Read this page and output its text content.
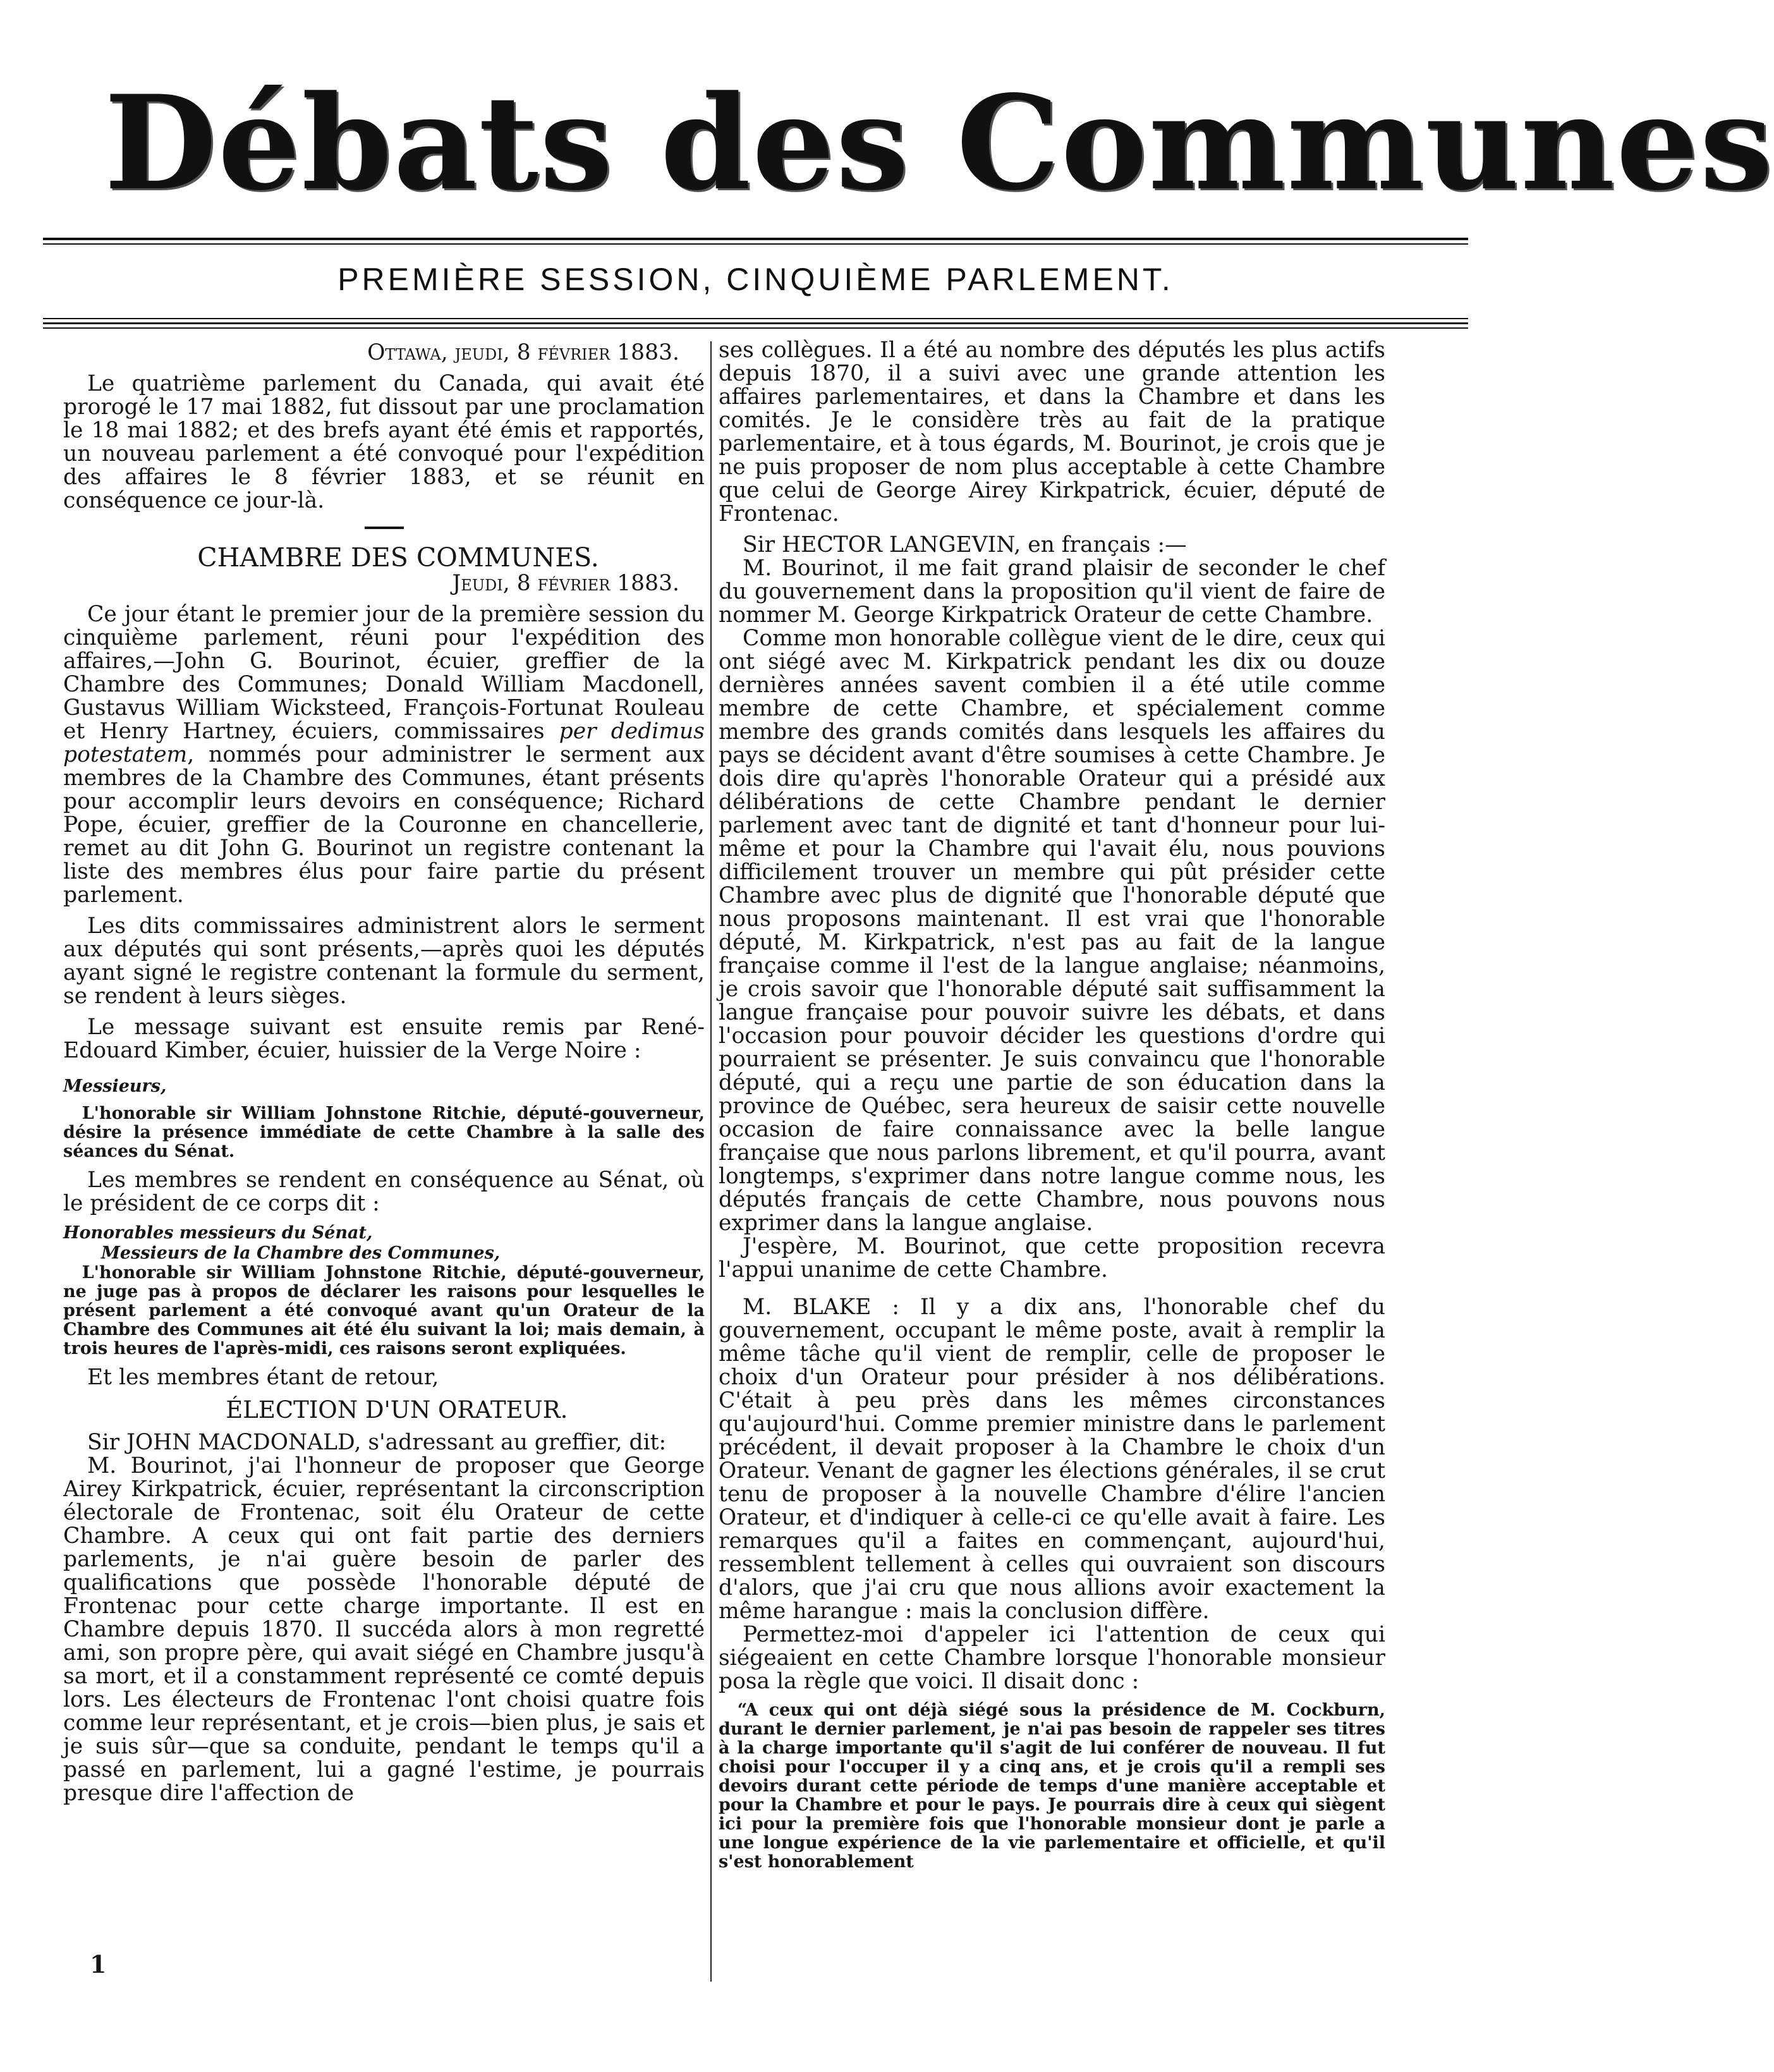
Débats des Communes
PREMIÈRE SESSION, CINQUIÈME PARLEMENT.

Ottawa, jeudi, 8 février 1883.

Le quatrième parlement du Canada, qui avait été prorogé le 17 mai 1882, fut dissout par une proclamation le 18 mai 1882; et des brefs ayant été émis et rapportés, un nouveau parlement a été convoqué pour l'expédition des affaires le 8 février 1883, et se réunit en conséquence ce jour-là.

CHAMBRE DES COMMUNES.

Jeudi, 8 février 1883.

Ce jour étant le premier jour de la première session du cinquième parlement, réuni pour l'expédition des affaires,—John G. Bourinot, écuier, greffier de la Chambre des Communes; Donald William Macdonell, Gustavus William Wicksteed, François-Fortunat Rouleau et Henry Hartney, écuiers, commissaires per dedimus potestatem, nommés pour administrer le serment aux membres de la Chambre des Communes, étant présents pour accomplir leurs devoirs en conséquence; Richard Pope, écuier, greffier de la Couronne en chancellerie, remet au dit John G. Bourinot un registre contenant la liste des membres élus pour faire partie du présent parlement.

Les dits commissaires administrent alors le serment aux députés qui sont présents,—après quoi les députés ayant signé le registre contenant la formule du serment, se rendent à leurs sièges.

Le message suivant est ensuite remis par René-Edouard Kimber, écuier, huissier de la Verge Noire :

Messieurs,

L'honorable sir William Johnstone Ritchie, député-gouverneur, désire la présence immédiate de cette Chambre à la salle des séances du Sénat.

Les membres se rendent en conséquence au Sénat, où le président de ce corps dit :

Honorables messieurs du Sénat,

Messieurs de la Chambre des Communes,

L'honorable sir William Johnstone Ritchie, député-gouverneur, ne juge pas à propos de déclarer les raisons pour lesquelles le présent parlement a été convoqué avant qu'un Orateur de la Chambre des Communes ait été élu suivant la loi; mais demain, à trois heures de l'après-midi, ces raisons seront expliquées.

Et les membres étant de retour,

ÉLECTION D'UN ORATEUR.

Sir JOHN MACDONALD, s'adressant au greffier, dit:

M. Bourinot, j'ai l'honneur de proposer que George Airey Kirkpatrick, écuier, représentant la circonscription électorale de Frontenac, soit élu Orateur de cette Chambre. A ceux qui ont fait partie des derniers parlements, je n'ai guère besoin de parler des qualifications que possède l'honorable député de Frontenac pour cette charge importante. Il est en Chambre depuis 1870. Il succéda alors à mon regretté ami, son propre père, qui avait siégé en Chambre jusqu'à sa mort, et il a constamment représenté ce comté depuis lors. Les électeurs de Frontenac l'ont choisi quatre fois comme leur représentant, et je crois—bien plus, je sais et je suis sûr—que sa conduite, pendant le temps qu'il a passé en parlement, lui a gagné l'estime, je pourrais presque dire l'affection de

ses collègues. Il a été au nombre des députés les plus actifs depuis 1870, il a suivi avec une grande attention les affaires parlementaires, et dans la Chambre et dans les comités. Je le considère très au fait de la pratique parlementaire, et à tous égards, M. Bourinot, je crois que je ne puis proposer de nom plus acceptable à cette Chambre que celui de George Airey Kirkpatrick, écuier, député de Frontenac.

Sir HECTOR LANGEVIN, en français :—

M. Bourinot, il me fait grand plaisir de seconder le chef du gouvernement dans la proposition qu'il vient de faire de nommer M. George Kirkpatrick Orateur de cette Chambre.

Comme mon honorable collègue vient de le dire, ceux qui ont siégé avec M. Kirkpatrick pendant les dix ou douze dernières années savent combien il a été utile comme membre de cette Chambre, et spécialement comme membre des grands comités dans lesquels les affaires du pays se décident avant d'être soumises à cette Chambre. Je dois dire qu'après l'honorable Orateur qui a présidé aux délibérations de cette Chambre pendant le dernier parlement avec tant de dignité et tant d'honneur pour lui-même et pour la Chambre qui l'avait élu, nous pouvions difficilement trouver un membre qui pût présider cette Chambre avec plus de dignité que l'honorable député que nous proposons maintenant. Il est vrai que l'honorable député, M. Kirkpatrick, n'est pas au fait de la langue française comme il l'est de la langue anglaise; néanmoins, je crois savoir que l'honorable député sait suffisamment la langue française pour pouvoir suivre les débats, et dans l'occasion pour pouvoir décider les questions d'ordre qui pourraient se présenter. Je suis convaincu que l'honorable député, qui a reçu une partie de son éducation dans la province de Québec, sera heureux de saisir cette nouvelle occasion de faire connaissance avec la belle langue française que nous parlons librement, et qu'il pourra, avant longtemps, s'exprimer dans notre langue comme nous, les députés français de cette Chambre, nous pouvons nous exprimer dans la langue anglaise.

J'espère, M. Bourinot, que cette proposition recevra l'appui unanime de cette Chambre.

M. BLAKE : Il y a dix ans, l'honorable chef du gouvernement, occupant le même poste, avait à remplir la même tâche qu'il vient de remplir, celle de proposer le choix d'un Orateur pour présider à nos délibérations. C'était à peu près dans les mêmes circonstances qu'aujourd'hui. Comme premier ministre dans le parlement précédent, il devait proposer à la Chambre le choix d'un Orateur. Venant de gagner les élections générales, il se crut tenu de proposer à la nouvelle Chambre d'élire l'ancien Orateur, et d'indiquer à celle-ci ce qu'elle avait à faire. Les remarques qu'il a faites en commençant, aujourd'hui, ressemblent tellement à celles qui ouvraient son discours d'alors, que j'ai cru que nous allions avoir exactement la même harangue : mais la conclusion diffère.

Permettez-moi d'appeler ici l'attention de ceux qui siégeaient en cette Chambre lorsque l'honorable monsieur posa la règle que voici. Il disait donc :

“A ceux qui ont déjà siégé sous la présidence de M. Cockburn, durant le dernier parlement, je n'ai pas besoin de rappeler ses titres à la charge importante qu'il s'agit de lui conférer de nouveau. Il fut choisi pour l'occuper il y a cinq ans, et je crois qu'il a rempli ses devoirs durant cette période de temps d'une manière acceptable et pour la Chambre et pour le pays. Je pourrais dire à ceux qui siègent ici pour la première fois que l'honorable monsieur dont je parle a une longue expérience de la vie parlementaire et officielle, et qu'il s'est honorablement

1
